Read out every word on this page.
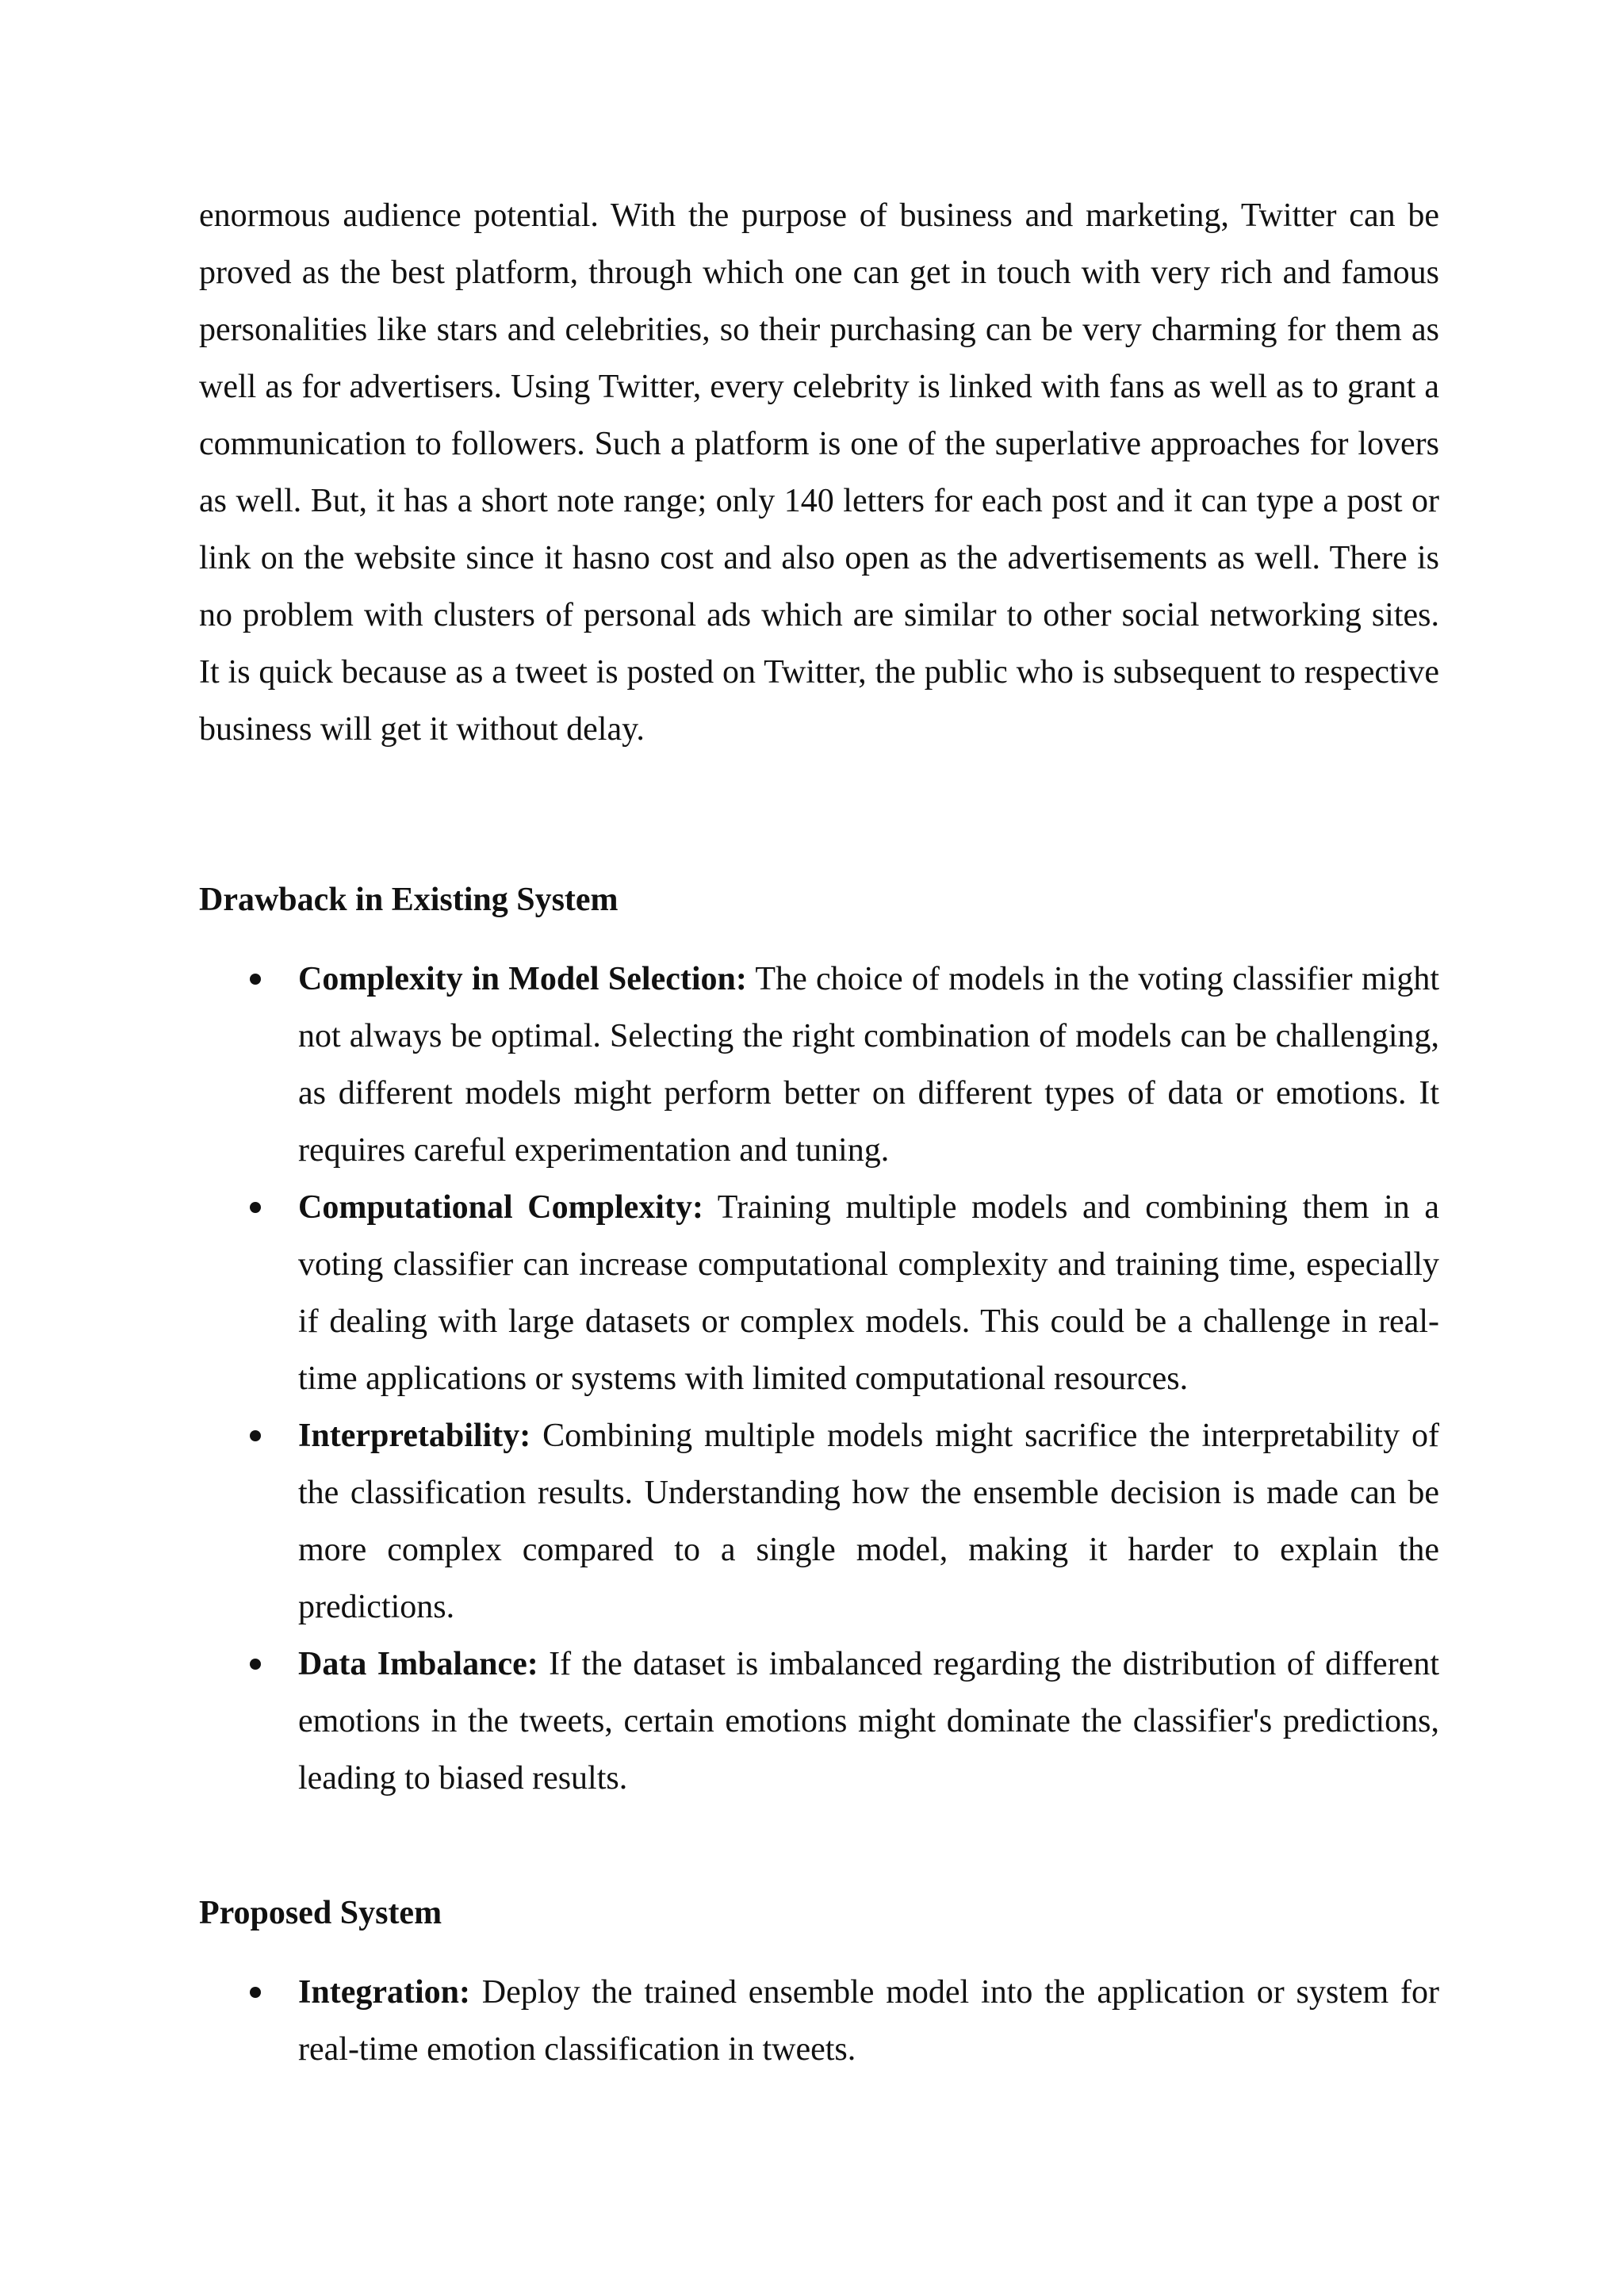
enormous audience potential. With the purpose of business and marketing, Twitter can be proved as the best platform, through which one can get in touch with very rich and famous personalities like stars and celebrities, so their purchasing can be very charming for them as well as for advertisers. Using Twitter, every celebrity is linked with fans as well as to grant a communication to followers. Such a platform is one of the superlative approaches for lovers as well. But, it has a short note range; only 140 letters for each post and it can type a post or link on the website since it hasno cost and also open as the advertisements as well. There is no problem with clusters of personal ads which are similar to other social networking sites. It is quick because as a tweet is posted on Twitter, the public who is subsequent to respective business will get it without delay.

Drawback in Existing System
Complexity in Model Selection: The choice of models in the voting classifier might not always be optimal. Selecting the right combination of models can be challenging, as different models might perform better on different types of data or emotions. It requires careful experimentation and tuning.
Computational Complexity: Training multiple models and combining them in a voting classifier can increase computational complexity and training time, especially if dealing with large datasets or complex models. This could be a challenge in real-time applications or systems with limited computational resources.
Interpretability: Combining multiple models might sacrifice the interpretability of the classification results. Understanding how the ensemble decision is made can be more complex compared to a single model, making it harder to explain the predictions.
Data Imbalance: If the dataset is imbalanced regarding the distribution of different emotions in the tweets, certain emotions might dominate the classifier's predictions, leading to biased results.
Proposed System
Integration: Deploy the trained ensemble model into the application or system for real-time emotion classification in tweets.
